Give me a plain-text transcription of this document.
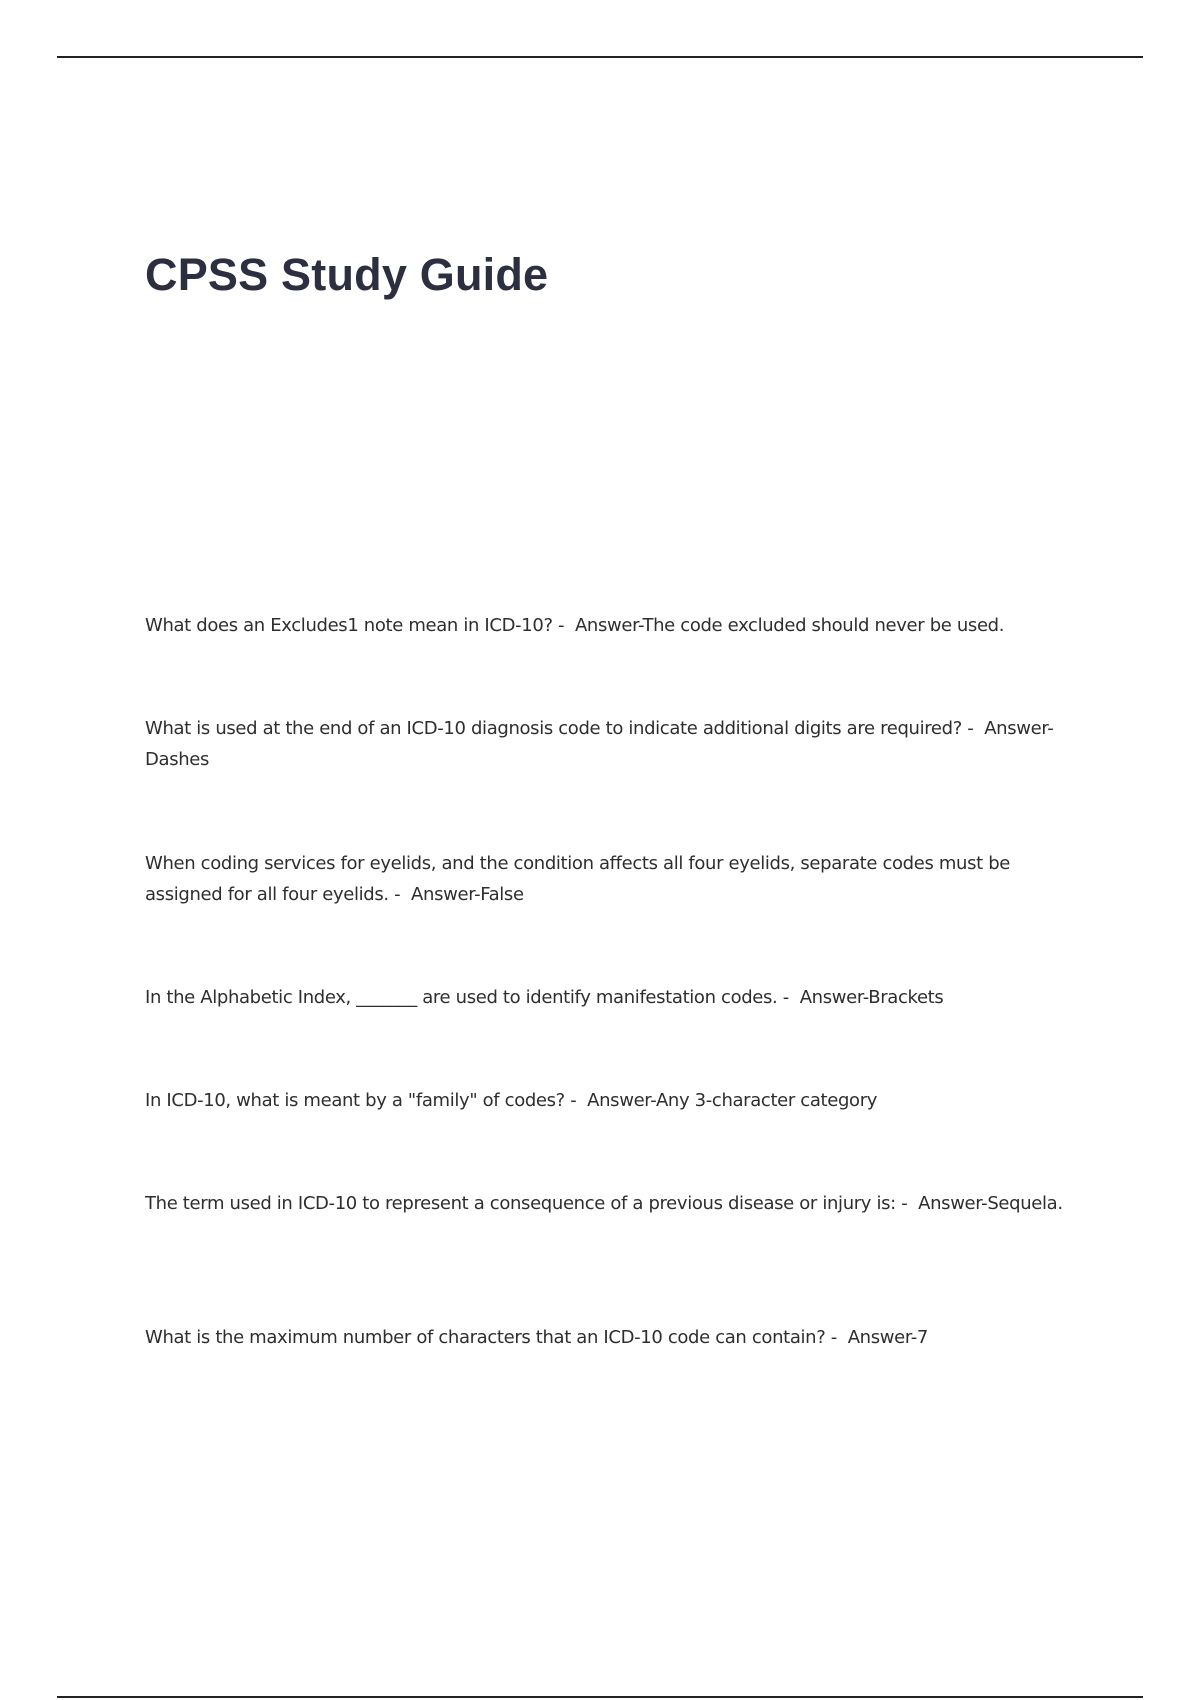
CPSS Study Guide

What does an Excludes1 note mean in ICD-10? -  Answer-The code excluded should never be used.

What is used at the end of an ICD-10 diagnosis code to indicate additional digits are required? -  Answer-Dashes

When coding services for eyelids, and the condition affects all four eyelids, separate codes must be assigned for all four eyelids. -  Answer-False

In the Alphabetic Index, _______ are used to identify manifestation codes. -  Answer-Brackets

In ICD-10, what is meant by a "family" of codes? -  Answer-Any 3-character category

The term used in ICD-10 to represent a consequence of a previous disease or injury is: -  Answer-Sequela.

What is the maximum number of characters that an ICD-10 code can contain? -  Answer-7
